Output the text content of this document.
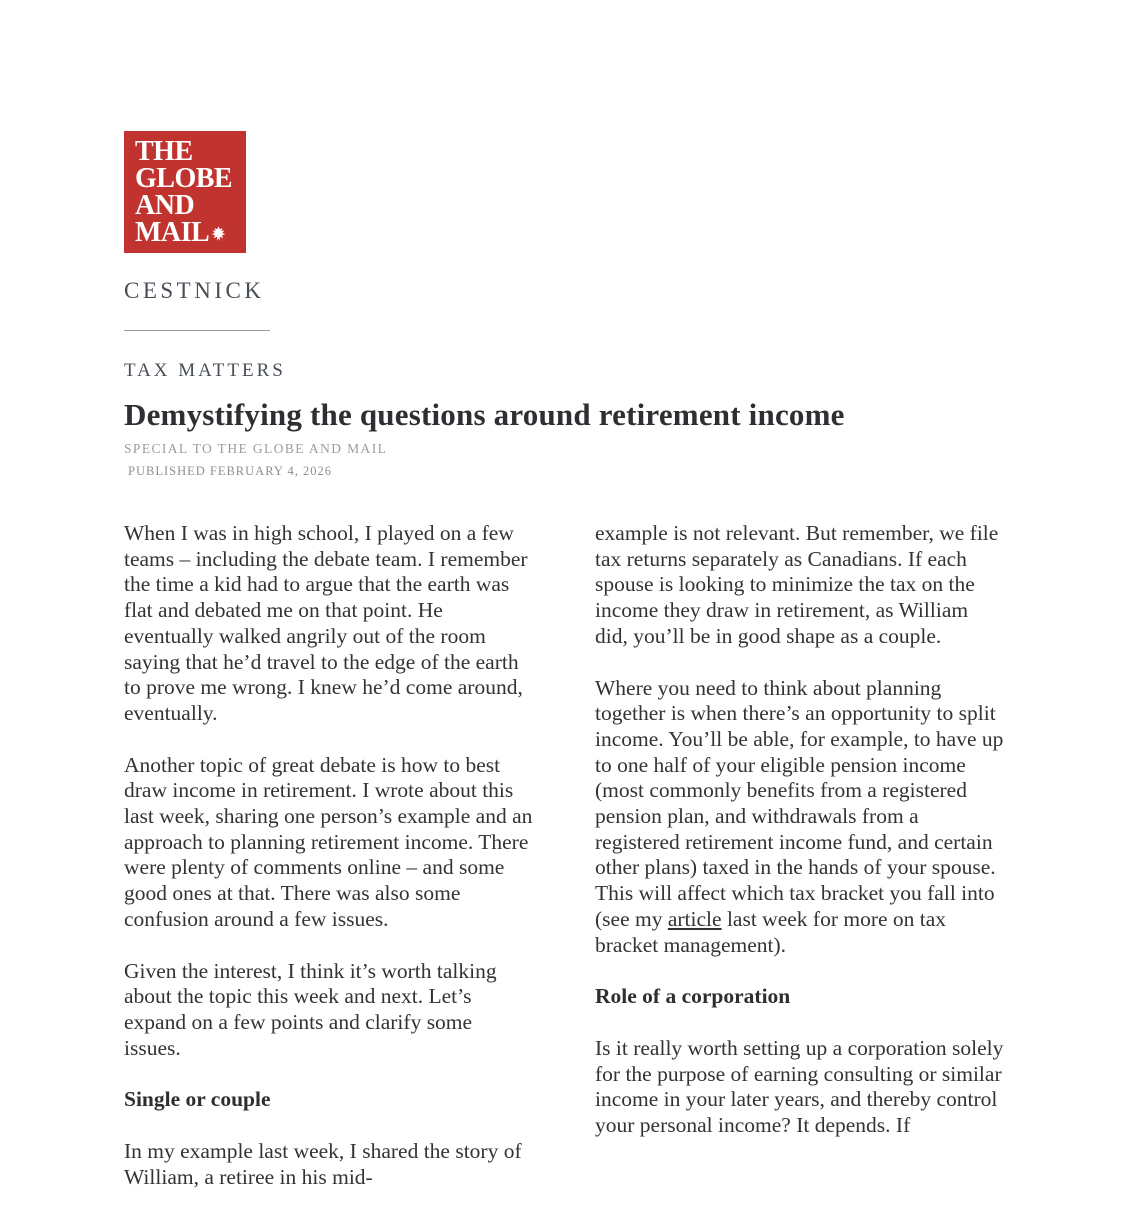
THE
GLOBE
AND
MAIL
CESTNICK
TAX MATTERS
Demystifying the questions around retirement income
SPECIAL TO THE GLOBE AND MAIL
PUBLISHED FEBRUARY 4, 2026

When I was in high school, I played on a few teams – including the debate team. I remember the time a kid had to argue that the earth was flat and debated me on that point. He eventually walked angrily out of the room saying that he’d travel to the edge of the earth to prove me wrong. I knew he’d come around, eventually.

Another topic of great debate is how to best draw income in retirement. I wrote about this last week, sharing one person’s example and an approach to planning retirement income. There were plenty of comments online – and some good ones at that. There was also some confusion around a few issues.

Given the interest, I think it’s worth talking about the topic this week and next. Let’s expand on a few points and clarify some issues.

Single or couple

In my example last week, I shared the story of William, a retiree in his mid-

example is not relevant. But remember, we file tax returns separately as Canadians. If each spouse is looking to minimize the tax on the income they draw in retirement, as William did, you’ll be in good shape as a couple.

Where you need to think about planning together is when there’s an opportunity to split income. You’ll be able, for example, to have up to one half of your eligible pension income (most commonly benefits from a registered pension plan, and withdrawals from a registered retirement income fund, and certain other plans) taxed in the hands of your spouse. This will affect which tax bracket you fall into (see my article last week for more on tax bracket management).

Role of a corporation

Is it really worth setting up a corporation solely for the purpose of earning consulting or similar income in your later years, and thereby control your personal income? It depends. If
